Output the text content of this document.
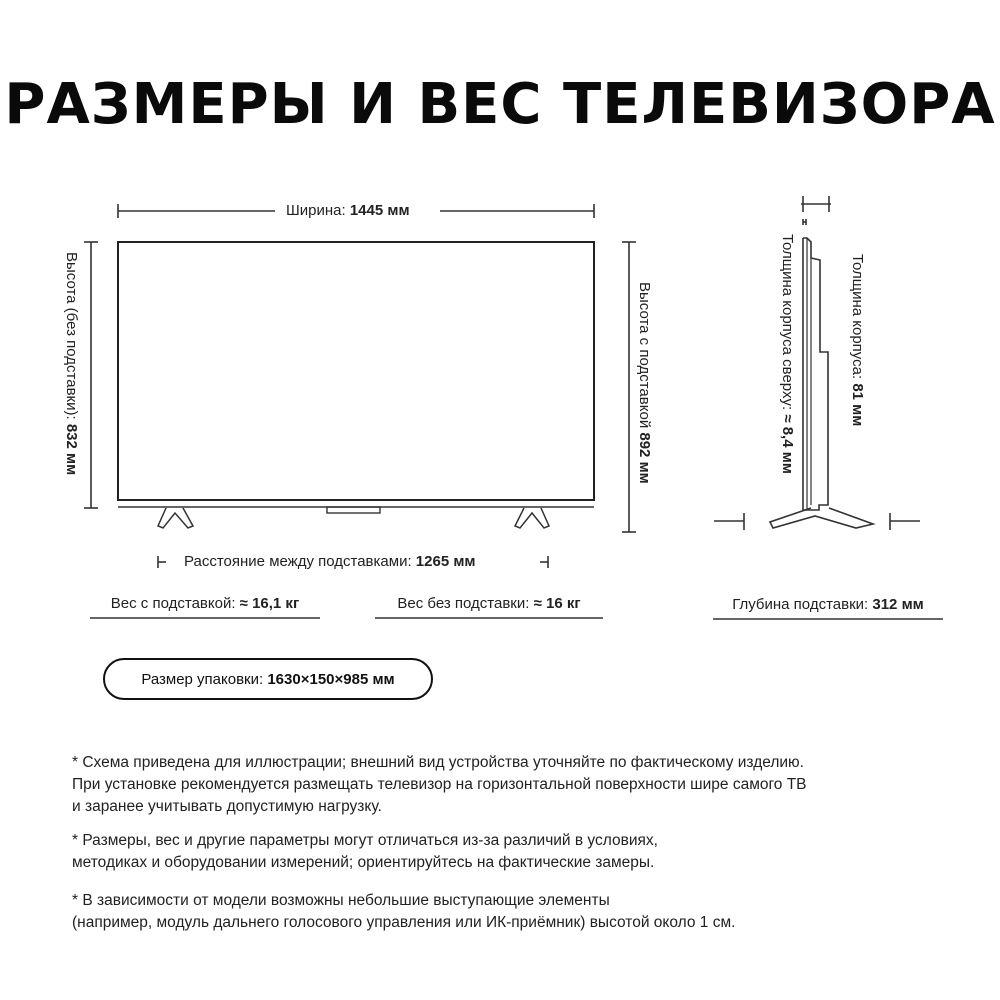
РАЗМЕРЫ И ВЕС ТЕЛЕВИЗОРА
Ширина: 1445 мм
Высота (без подставки): 832 мм
Высота с подставкой 892 мм
Расстояние между подставками: 1265 мм
Вес с подставкой: ≈ 16,1 кг	Вес без подставки: ≈ 16 кг	Глубина подставки: 312 мм
Толщина корпуса сверху: ≈ 8,4 мм
Толщина корпуса: 81 мм
Размер упаковки:
1630×150×985 мм

* Схема приведена для иллюстрации; внешний вид устройства уточняйте по фактическому изделию.

При установке рекомендуется размещать телевизор на горизонтальной поверхности шире самого ТВ

и заранее учитывать допустимую нагрузку.

* Размеры, вес и другие параметры могут отличаться из-за различий в условиях,

методиках и оборудовании измерений; ориентируйтесь на фактические замеры.

* В зависимости от модели возможны небольшие выступающие элементы

(например, модуль дальнего голосового управления или ИК-приёмник) высотой около 1 см.
